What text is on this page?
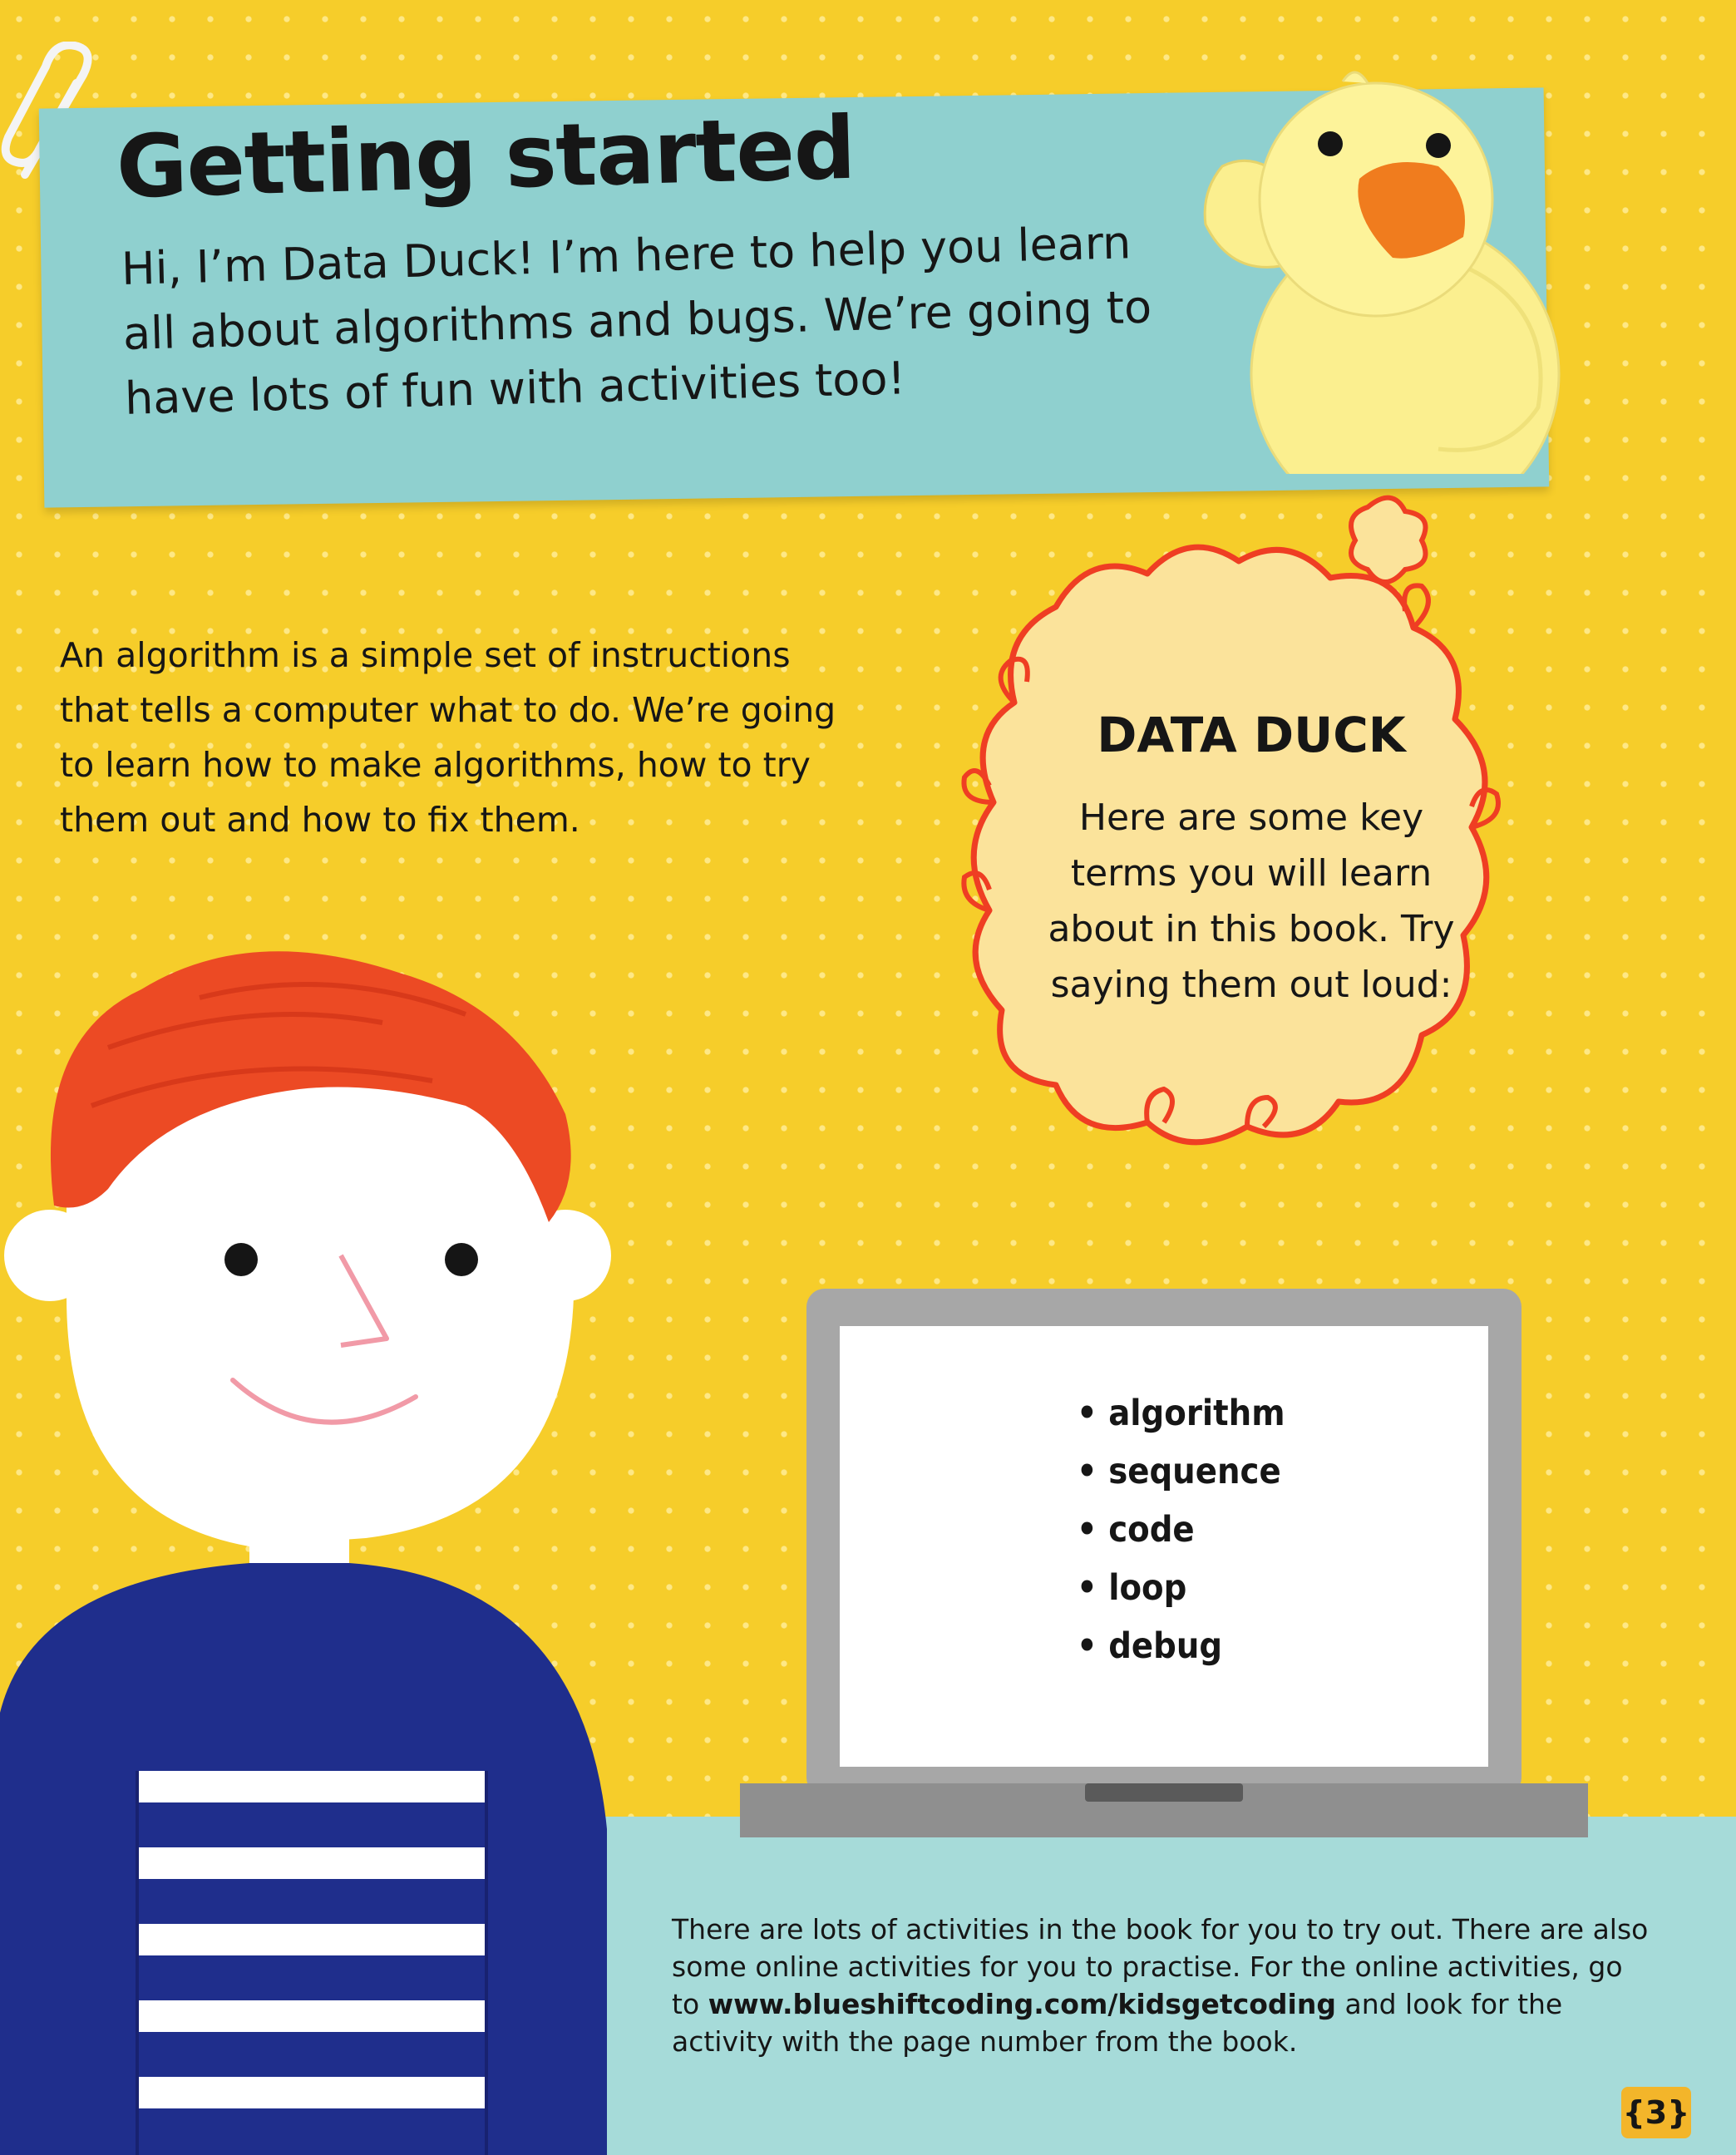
Getting started
Hi, I’m Data Duck! I’m here to help you learn all about algorithms and bugs. We’re going to have lots of fun with activities too!
An algorithm is a simple set of instructions that tells a computer what to do. We’re going to learn how to make algorithms, how to try them out and how to fix them.
DATA DUCK
Here are some key terms you will learn about in this book. Try saying them out loud:
• algorithm
• sequence
• code
• loop
• debug
There are lots of activities in the book for you to try out. There are also some online activities for you to practise. For the online activities, go to www.blueshiftcoding.com/kidsgetcoding and look for the activity with the page number from the book.
{3}
